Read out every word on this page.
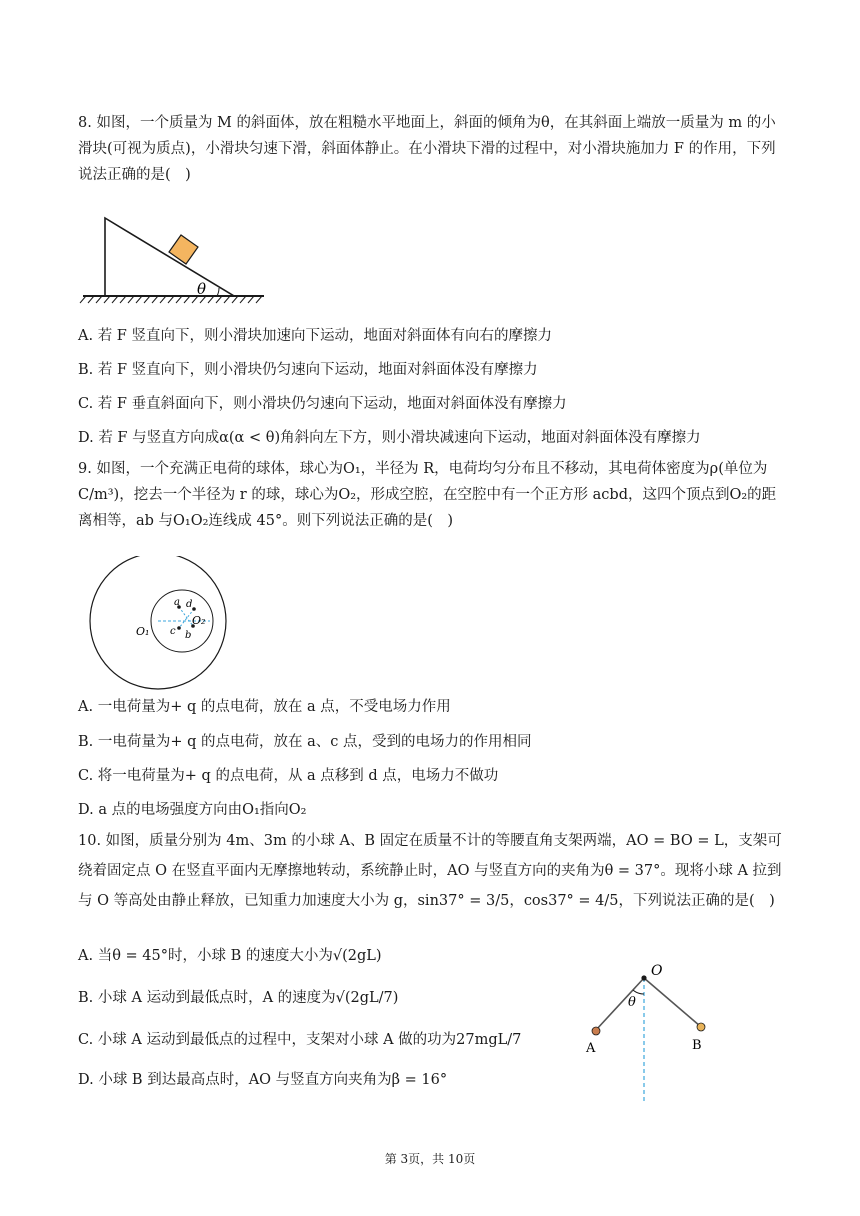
8. 如图，一个质量为 M 的斜面体，放在粗糙水平地面上，斜面的倾角为θ，在其斜面上端放一质量为 m 的小滑块(可视为质点)，小滑块匀速下滑，斜面体静止。在小滑块下滑的过程中，对小滑块施加力 F 的作用，下列说法正确的是(　)

θ
A. 若 F 竖直向下，则小滑块加速向下运动，地面对斜面体有向右的摩擦力
B. 若 F 竖直向下，则小滑块仍匀速向下运动，地面对斜面体没有摩擦力
C. 若 F 垂直斜面向下，则小滑块仍匀速向下运动，地面对斜面体没有摩擦力
D. 若 F 与竖直方向成α(α < θ)角斜向左下方，则小滑块减速向下运动，地面对斜面体没有摩擦力

9. 如图，一个充满正电荷的球体，球心为O₁，半径为 R，电荷均匀分布且不移动，其电荷体密度为ρ(单位为 C/m³)，挖去一个半径为 r 的球，球心为O₂，形成空腔，在空腔中有一个正方形 acbd，这四个顶点到O₂的距离相等，ab 与O₁O₂连线成 45°。则下列说法正确的是(　)

a d
c b
O₁
O₂
A. 一电荷量为+ q 的点电荷，放在 a 点，不受电场力作用
B. 一电荷量为+ q 的点电荷，放在 a、c 点，受到的电场力的作用相同
C. 将一电荷量为+ q 的点电荷，从 a 点移到 d 点，电场力不做功
D. a 点的电场强度方向由O₁指向O₂

10. 如图，质量分别为 4m、3m 的小球 A、B 固定在质量不计的等腰直角支架两端，AO = BO = L，支架可绕着固定点 O 在竖直平面内无摩擦地转动，系统静止时，AO 与竖直方向的夹角为θ = 37°。现将小球 A 拉到与 O 等高处由静止释放，已知重力加速度大小为 g，sin37° = 3/5，cos37° = 4/5，下列说法正确的是(　)

A. 当θ = 45°时，小球 B 的速度大小为√(2gL)
B. 小球 A 运动到最低点时，A 的速度为√(2gL/7)
C. 小球 A 运动到最低点的过程中，支架对小球 A 做的功为27mgL/7
D. 小球 B 到达最高点时，AO 与竖直方向夹角为β = 16°
O
θ
A	B
第 3页，共 10页
